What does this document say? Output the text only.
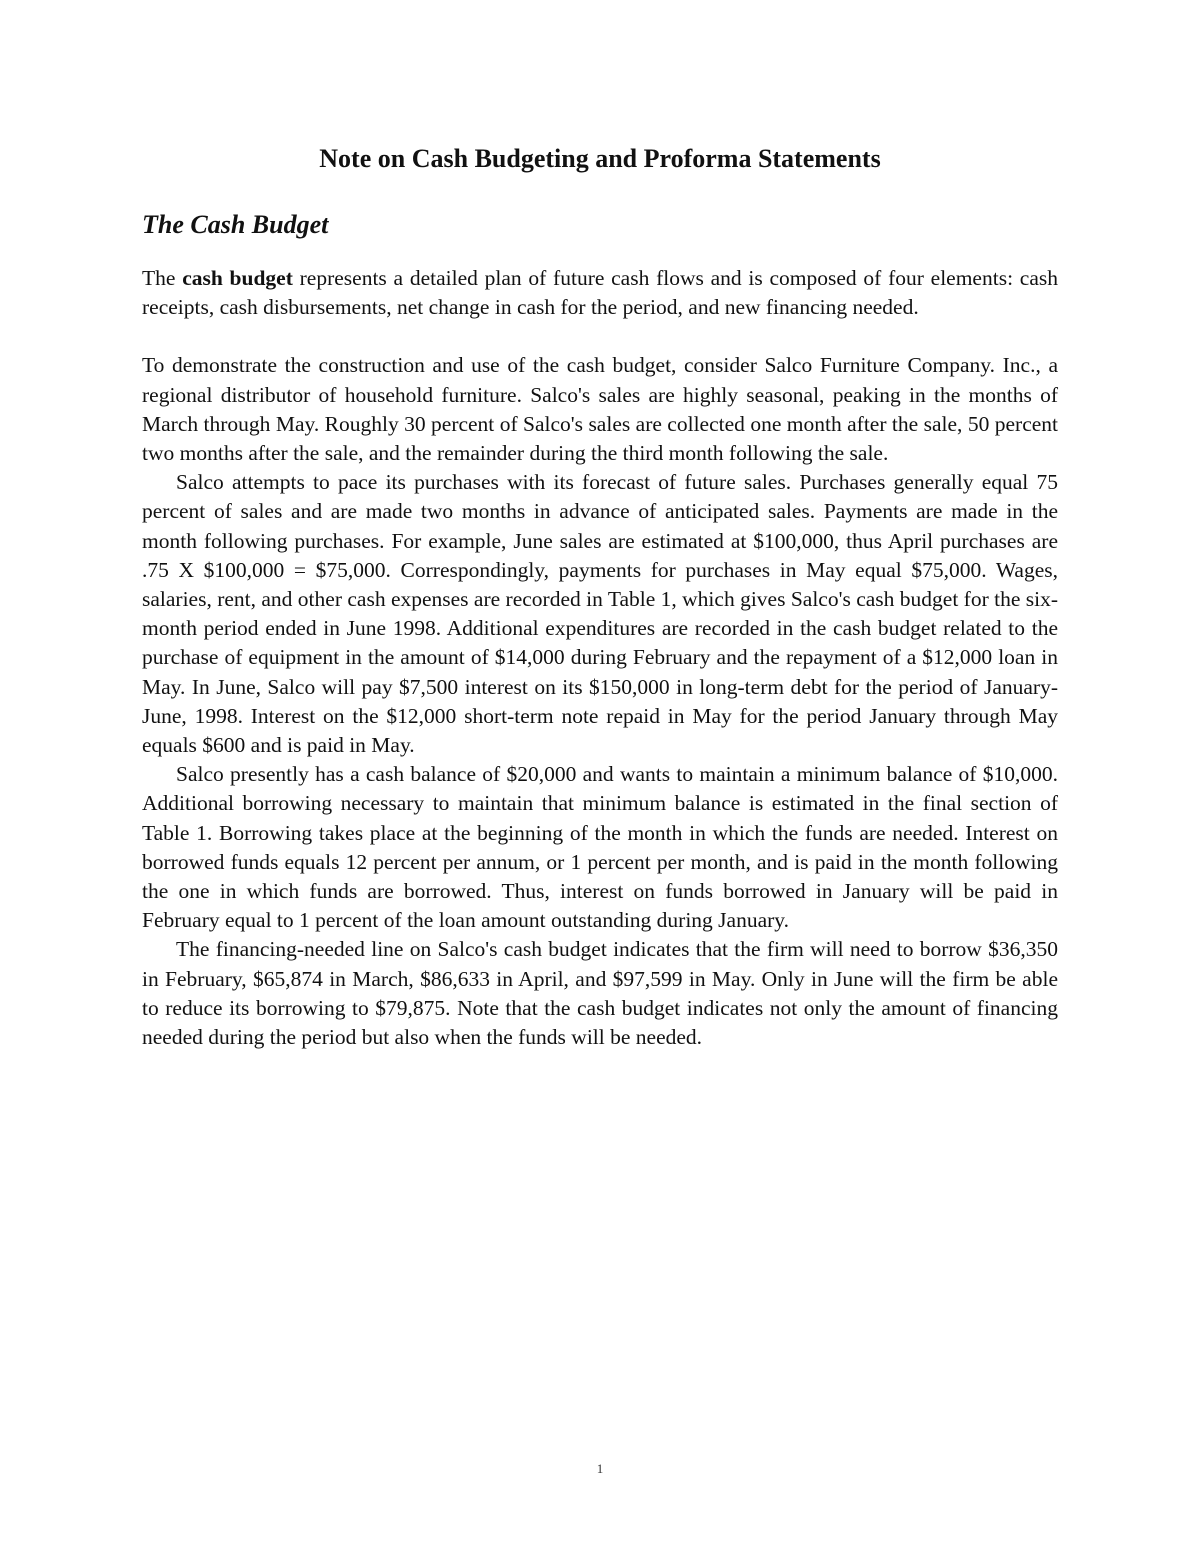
Note on Cash Budgeting and Proforma Statements
The Cash Budget

The cash budget represents a detailed plan of future cash flows and is composed of four elements: cash receipts, cash disbursements, net change in cash for the period, and new financing needed.

To demonstrate the construction and use of the cash budget, consider Salco Furniture Company. Inc., a regional distributor of household furniture. Salco's sales are highly seasonal, peaking in the months of March through May. Roughly 30 percent of Salco's sales are collected one month after the sale, 50 percent two months after the sale, and the remainder during the third month following the sale.

Salco attempts to pace its purchases with its forecast of future sales. Purchases generally equal 75 percent of sales and are made two months in advance of anticipated sales. Payments are made in the month following purchases. For example, June sales are estimated at $100,000, thus April purchases are .75 X $100,000 = $75,000. Correspondingly, payments for purchases in May equal $75,000. Wages, salaries, rent, and other cash expenses are recorded in Table 1, which gives Salco's cash budget for the six-month period ended in June 1998. Additional expenditures are recorded in the cash budget related to the purchase of equipment in the amount of $14,000 during February and the repayment of a $12,000 loan in May. In June, Salco will pay $7,500 interest on its $150,000 in long-term debt for the period of January-June, 1998. Interest on the $12,000 short-term note repaid in May for the period January through May equals $600 and is paid in May.

Salco presently has a cash balance of $20,000 and wants to maintain a minimum balance of $10,000. Additional borrowing necessary to maintain that minimum balance is estimated in the final section of Table 1. Borrowing takes place at the beginning of the month in which the funds are needed. Interest on borrowed funds equals 12 percent per annum, or 1 percent per month, and is paid in the month following the one in which funds are borrowed. Thus, interest on funds borrowed in January will be paid in February equal to 1 percent of the loan amount outstanding during January.

The financing-needed line on Salco's cash budget indicates that the firm will need to borrow $36,350 in February, $65,874 in March, $86,633 in April, and $97,599 in May. Only in June will the firm be able to reduce its borrowing to $79,875. Note that the cash budget indicates not only the amount of financing needed during the period but also when the funds will be needed.

1
